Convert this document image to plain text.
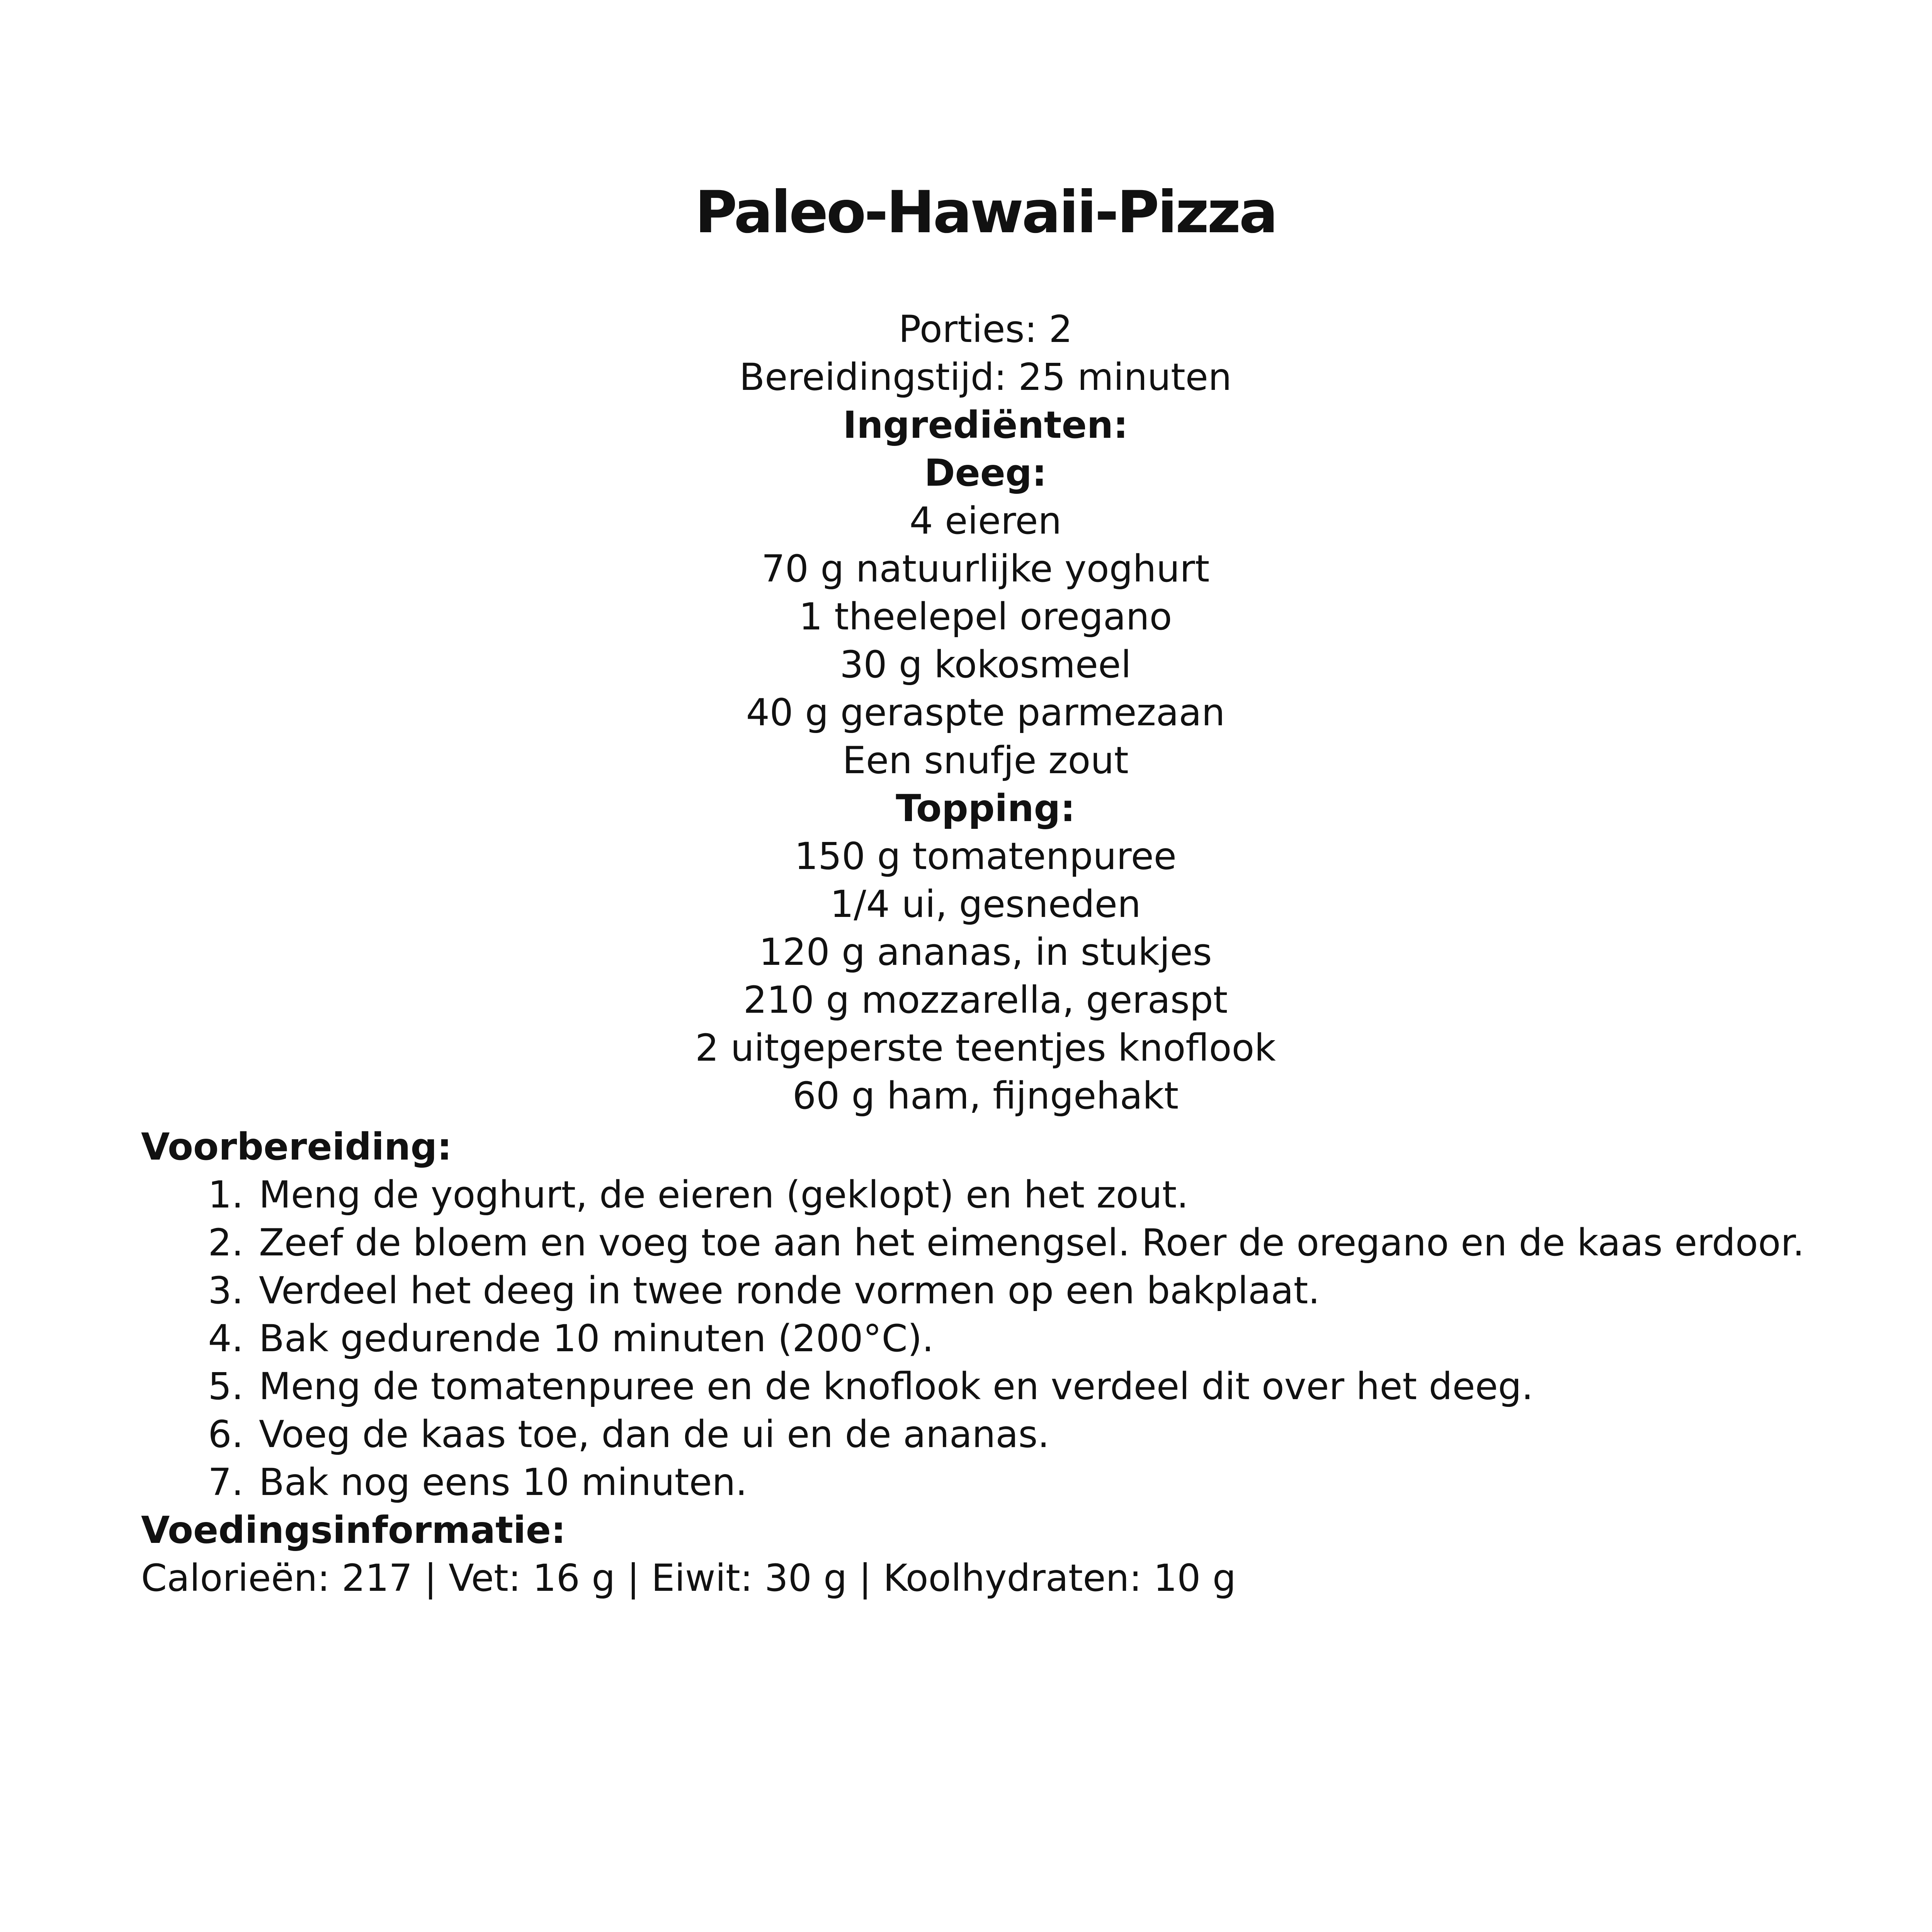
Paleo-Hawaii-Pizza
Porties: 2
Bereidingstijd: 25 minuten
Ingrediënten:
Deeg:
4 eieren
70 g natuurlijke yoghurt
1 theelepel oregano
30 g kokosmeel
40 g geraspte parmezaan
Een snufje zout
Topping:
150 g tomatenpuree
1/4 ui, gesneden
120 g ananas, in stukjes
210 g mozzarella, geraspt
2 uitgeperste teentjes knoflook
60 g ham, fijngehakt
Voorbereiding:
1. Meng de yoghurt, de eieren (geklopt) en het zout.
2. Zeef de bloem en voeg toe aan het eimengsel. Roer de oregano en de kaas erdoor.
3. Verdeel het deeg in twee ronde vormen op een bakplaat.
4. Bak gedurende 10 minuten (200°C).
5. Meng de tomatenpuree en de knoflook en verdeel dit over het deeg.
6. Voeg de kaas toe, dan de ui en de ananas.
7. Bak nog eens 10 minuten.
Voedingsinformatie:
Calorieën: 217 | Vet: 16 g | Eiwit: 30 g | Koolhydraten: 10 g
